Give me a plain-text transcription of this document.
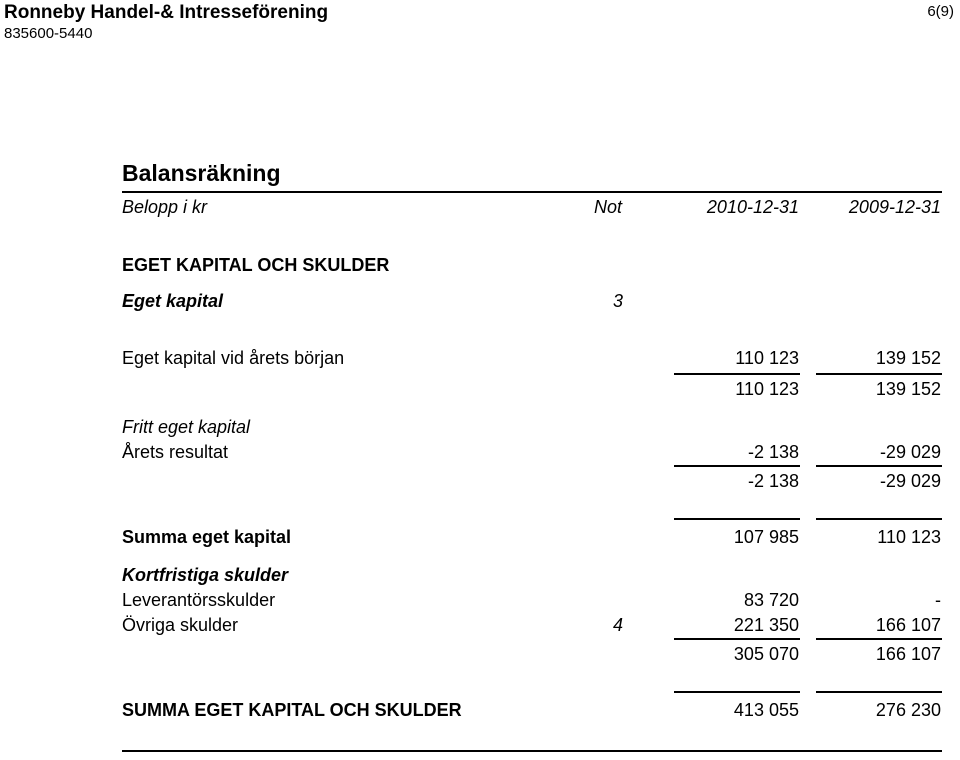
Ronneby Handel-& Intresseförening
835600-5440
6(9)
Balansräkning
Belopp i kr	Not	2010-12-31	2009-12-31
EGET KAPITAL OCH SKULDER
Eget kapital	3
Eget kapital vid årets början	110 123	139 152
110 123	139 152
Fritt eget kapital
Årets resultat	-2 138	-29 029
-2 138	-29 029
Summa eget kapital	107 985	110 123
Kortfristiga skulder
Leverantörsskulder	83 720	-
Övriga skulder	4	221 350	166 107
305 070	166 107
SUMMA EGET KAPITAL OCH SKULDER	413 055	276 230
